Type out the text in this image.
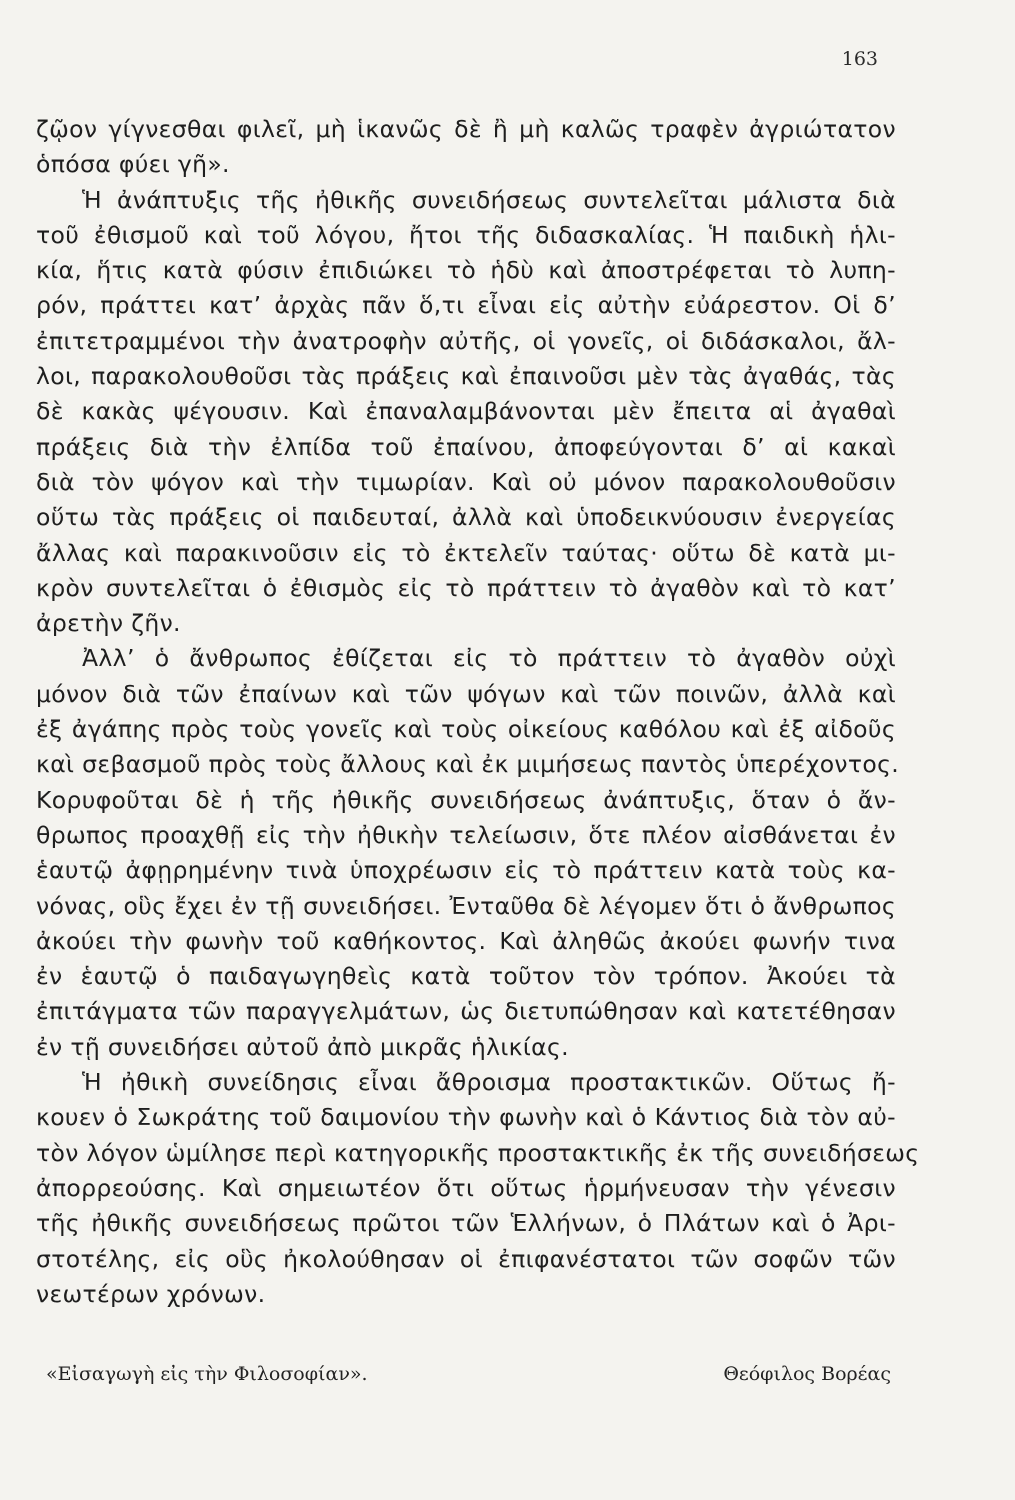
163
ζῷον γίγνεσθαι φιλεῖ, μὴ ἱκανῶς δὲ ἢ μὴ καλῶς τραφὲν ἀγριώτατον
ὁπόσα φύει γῆ».
Ἡ ἀνάπτυξις τῆς ἠθικῆς συνειδήσεως συντελεῖται μάλιστα διὰ
τοῦ ἐθισμοῦ καὶ τοῦ λόγου, ἤτοι τῆς διδασκαλίας. Ἡ παιδικὴ ἡλι-
κία, ἥτις κατὰ φύσιν ἐπιδιώκει τὸ ἡδὺ καὶ ἀποστρέφεται τὸ λυπη-
ρόν, πράττει κατ’ ἀρχὰς πᾶν ὅ,τι εἶναι εἰς αὐτὴν εὐάρεστον. Οἱ δ’
ἐπιτετραμμένοι τὴν ἀνατροφὴν αὐτῆς, οἱ γονεῖς, οἱ διδάσκαλοι, ἄλ-
λοι, παρακολουθοῦσι τὰς πράξεις καὶ ἐπαινοῦσι μὲν τὰς ἀγαθάς, τὰς
δὲ κακὰς ψέγουσιν. Καὶ ἐπαναλαμβάνονται μὲν ἔπειτα αἱ ἀγαθαὶ
πράξεις διὰ τὴν ἐλπίδα τοῦ ἐπαίνου, ἀποφεύγονται δ’ αἱ κακαὶ
διὰ τὸν ψόγον καὶ τὴν τιμωρίαν. Καὶ οὐ μόνον παρακολουθοῦσιν
οὕτω τὰς πράξεις οἱ παιδευταί, ἀλλὰ καὶ ὑποδεικνύουσιν ἐνεργείας
ἄλλας καὶ παρακινοῦσιν εἰς τὸ ἐκτελεῖν ταύτας· οὕτω δὲ κατὰ μι-
κρὸν συντελεῖται ὁ ἐθισμὸς εἰς τὸ πράττειν τὸ ἀγαθὸν καὶ τὸ κατ’
ἀρετὴν ζῆν.
Ἀλλ’ ὁ ἄνθρωπος ἐθίζεται εἰς τὸ πράττειν τὸ ἀγαθὸν οὐχὶ
μόνον διὰ τῶν ἐπαίνων καὶ τῶν ψόγων καὶ τῶν ποινῶν, ἀλλὰ καὶ
ἐξ ἀγάπης πρὸς τοὺς γονεῖς καὶ τοὺς οἰκείους καθόλου καὶ ἐξ αἰδοῦς
καὶ σεβασμοῦ πρὸς τοὺς ἄλλους καὶ ἐκ μιμήσεως παντὸς ὑπερέχοντος.
Κορυφοῦται δὲ ἡ τῆς ἠθικῆς συνειδήσεως ἀνάπτυξις, ὅταν ὁ ἄν-
θρωπος προαχθῇ εἰς τὴν ἠθικὴν τελείωσιν, ὅτε πλέον αἰσθάνεται ἐν
ἑαυτῷ ἀφῃρημένην τινὰ ὑποχρέωσιν εἰς τὸ πράττειν κατὰ τοὺς κα-
νόνας, οὓς ἔχει ἐν τῇ συνειδήσει. Ἐνταῦθα δὲ λέγομεν ὅτι ὁ ἄνθρωπος
ἀκούει τὴν φωνὴν τοῦ καθήκοντος. Καὶ ἀληθῶς ἀκούει φωνήν τινα
ἐν ἑαυτῷ ὁ παιδαγωγηθεὶς κατὰ τοῦτον τὸν τρόπον. Ἀκούει τὰ
ἐπιτάγματα τῶν παραγγελμάτων, ὡς διετυπώθησαν καὶ κατετέθησαν
ἐν τῇ συνειδήσει αὐτοῦ ἀπὸ μικρᾶς ἡλικίας.
Ἡ ἠθικὴ συνείδησις εἶναι ἄθροισμα προστακτικῶν. Οὕτως ἤ-
κουεν ὁ Σωκράτης τοῦ δαιμονίου τὴν φωνὴν καὶ ὁ Κάντιος διὰ τὸν αὐ-
τὸν λόγον ὡμίλησε περὶ κατηγορικῆς προστακτικῆς ἐκ τῆς συνειδήσεως
ἀπορρεούσης. Καὶ σημειωτέον ὅτι οὕτως ἡρμήνευσαν τὴν γένεσιν
τῆς ἠθικῆς συνειδήσεως πρῶτοι τῶν Ἑλλήνων, ὁ Πλάτων καὶ ὁ Ἀρι-
στοτέλης, εἰς οὓς ἠκολούθησαν οἱ ἐπιφανέστατοι τῶν σοφῶν τῶν
νεωτέρων χρόνων.
«Εἰσαγωγὴ εἰς τὴν Φιλοσοφίαν».	Θεόφιλος Βορέας
